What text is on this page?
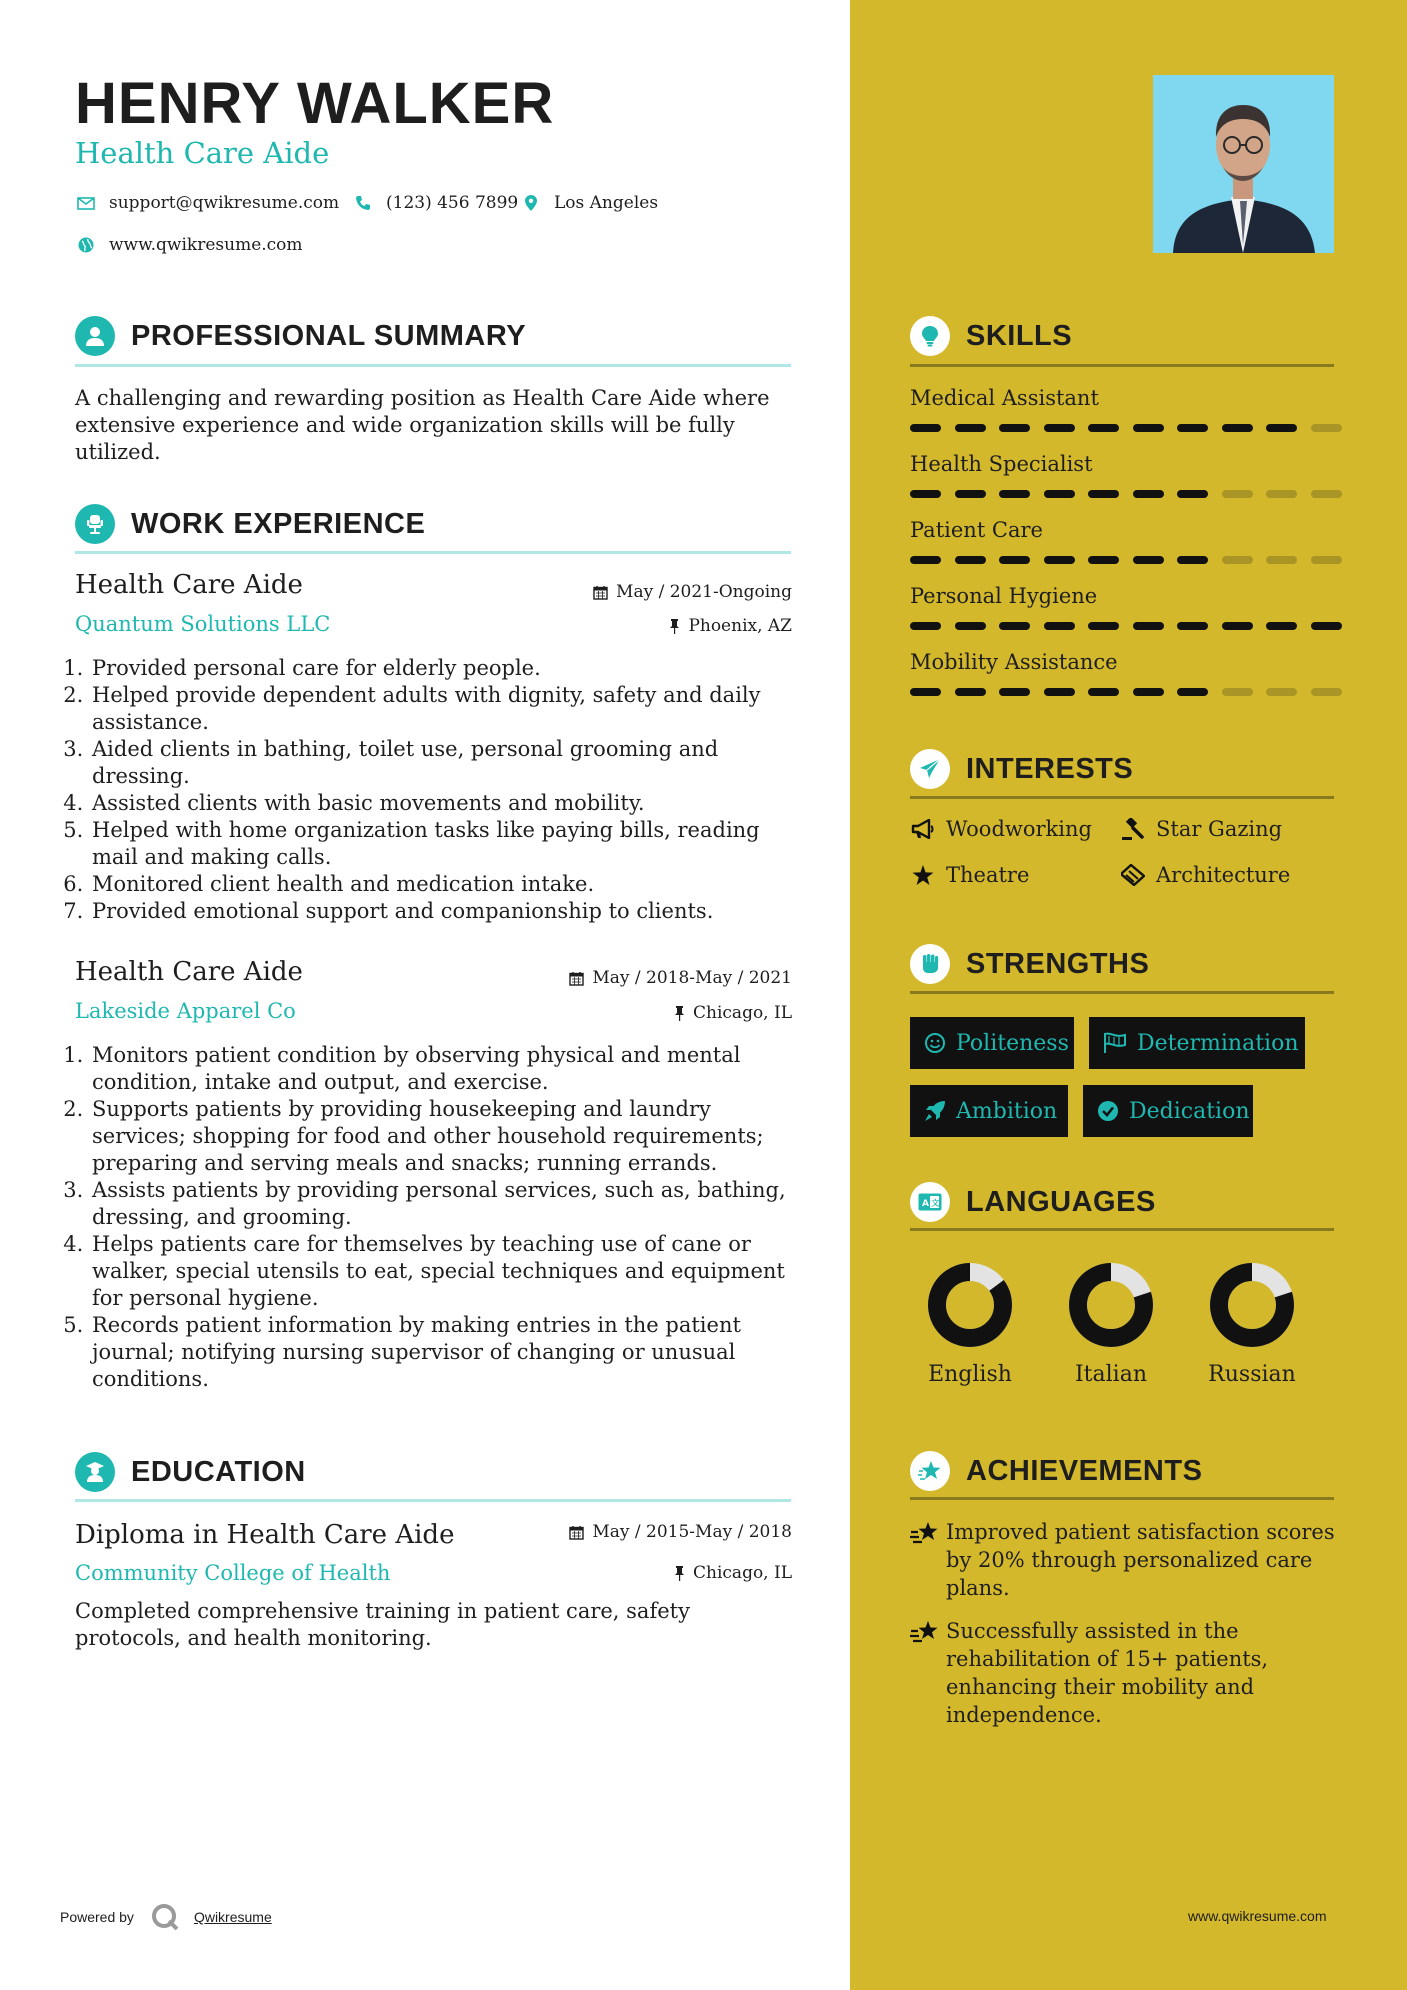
HENRY WALKER
Health Care Aide
support@qwikresume.com	(123) 456 7899 Los Angeles
www.qwikresume.com
PROFESSIONAL SUMMARY
A challenging and rewarding position as Health Care Aide where extensive experience and wide organization skills will be fully utilized.
WORK EXPERIENCE
Health Care Aide	May / 2021-Ongoing
Quantum Solutions LLC	Phoenix, AZ
1. Provided personal care for elderly people.
2. Helped provide dependent adults with dignity, safety and daily assistance.
3. Aided clients in bathing, toilet use, personal grooming and dressing.
4. Assisted clients with basic movements and mobility.
5. Helped with home organization tasks like paying bills, reading mail and making calls.
6. Monitored client health and medication intake.
7. Provided emotional support and companionship to clients.
Health Care Aide	May / 2018-May / 2021
Lakeside Apparel Co	Chicago, IL
1. Monitors patient condition by observing physical and mental condition, intake and output, and exercise.
2. Supports patients by providing housekeeping and laundry services; shopping for food and other household requirements; preparing and serving meals and snacks; running errands.
3. Assists patients by providing personal services, such as, bathing, dressing, and grooming.
4. Helps patients care for themselves by teaching use of cane or walker, special utensils to eat, special techniques and equipment for personal hygiene.
5. Records patient information by making entries in the patient journal; notifying nursing supervisor of changing or unusual conditions.
EDUCATION
Diploma in Health Care Aide	May / 2015-May / 2018
Community College of Health	Chicago, IL
Completed comprehensive training in patient care, safety protocols, and health monitoring.
Powered by	Qwikresume
SKILLS
Medical Assistant
Health Specialist
Patient Care
Personal Hygiene
Mobility Assistance
INTERESTS
Woodworking	Star Gazing
Theatre	Architecture
STRENGTHS
Politeness	Determination
Ambition	Dedication
A 文 LANGUAGES
English	Italian	Russian
ACHIEVEMENTS
Improved patient satisfaction scores by 20% through personalized care plans.
Successfully assisted in the rehabilitation of 15+ patients, enhancing their mobility and independence.
www.qwikresume.com
